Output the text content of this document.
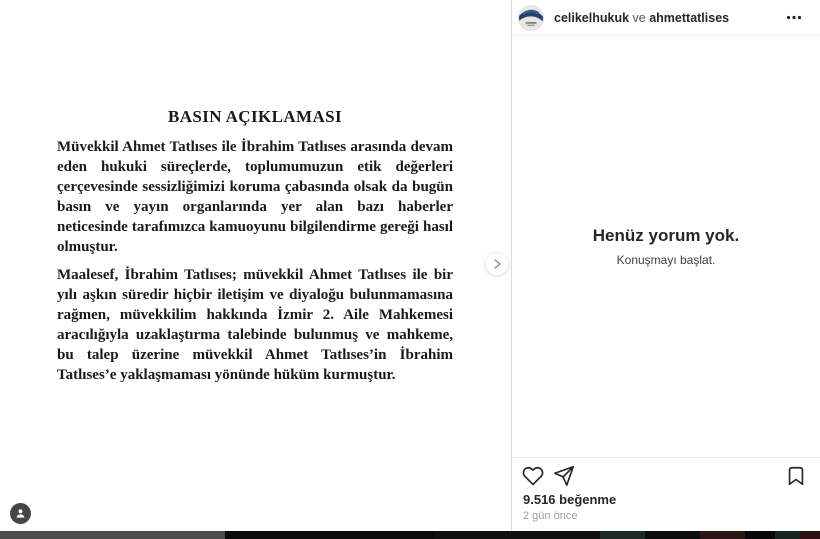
BASIN AÇIKLAMASI

Müvekkil Ahmet Tatlıses ile İbrahim Tatlıses arasında devam eden hukuki süreçlerde, toplumumuzun etik değerleri çerçevesinde sessizliğimizi koruma çabasında olsak da bugün basın ve yayın organlarında yer alan bazı haberler neticesinde tarafımızca kamuoyunu bilgilendirme gereği hasıl olmuştur.

Maalesef, İbrahim Tatlıses; müvekkil Ahmet Tatlıses ile bir yılı aşkın süredir hiçbir iletişim ve diyaloğu bulunmamasına rağmen, müvekkilim hakkında İzmir 2. Aile Mahkemesi aracılığıyla uzaklaştırma talebinde bulunmuş ve mahkeme, bu talep üzerine müvekkil Ahmet Tatlıses’in İbrahim Tatlıses’e yaklaşmaması yönünde hüküm kurmuştur.

celikelhukuk ve ahmettatlises
Henüz yorum yok.
Konuşmayı başlat.
9.516 beğenme
2 gün önce
